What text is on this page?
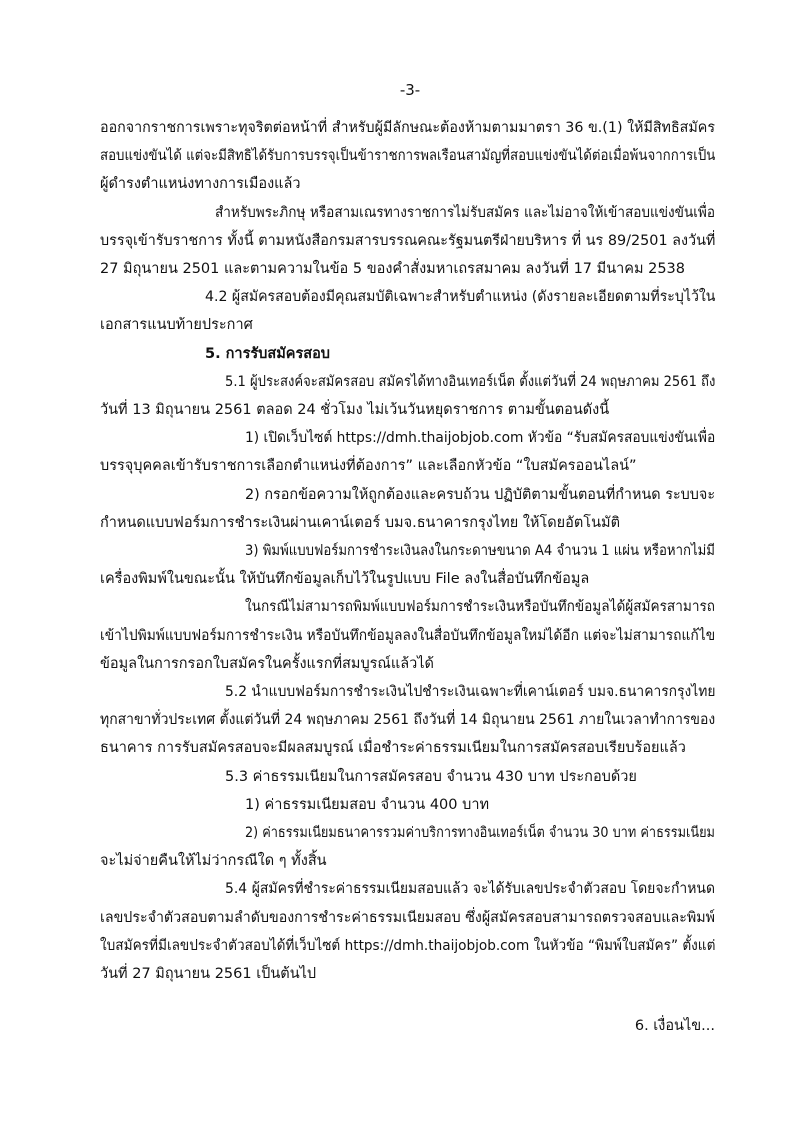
-3-
ออกจากราชการเพราะทุจริตต่อหน้าที่ สำหรับผู้มีลักษณะต้องห้ามตามมาตรา 36 ข.(1) ให้มีสิทธิสมัคร
สอบแข่งขันได้ แต่จะมีสิทธิได้รับการบรรจุเป็นข้าราชการพลเรือนสามัญที่สอบแข่งขันได้ต่อเมื่อพ้นจากการเป็น
ผู้ดำรงตำแหน่งทางการเมืองแล้ว
สำหรับพระภิกษุ หรือสามเณรทางราชการไม่รับสมัคร และไม่อาจให้เข้าสอบแข่งขันเพื่อ
บรรจุเข้ารับราชการ ทั้งนี้ ตามหนังสือกรมสารบรรณคณะรัฐมนตรีฝ่ายบริหาร ที่ นร 89/2501 ลงวันที่
27 มิถุนายน 2501 และตามความในข้อ 5 ของคำสั่งมหาเถรสมาคม ลงวันที่ 17 มีนาคม 2538
4.2 ผู้สมัครสอบต้องมีคุณสมบัติเฉพาะสำหรับตำแหน่ง (ดังรายละเอียดตามที่ระบุไว้ใน
เอกสารแนบท้ายประกาศ
5. การรับสมัครสอบ
5.1 ผู้ประสงค์จะสมัครสอบ สมัครได้ทางอินเทอร์เน็ต ตั้งแต่วันที่ 24 พฤษภาคม 2561 ถึง
วันที่ 13 มิถุนายน 2561 ตลอด 24 ชั่วโมง ไม่เว้นวันหยุดราชการ ตามขั้นตอนดังนี้
1) เปิดเว็บไซต์ https://dmh.thaijobjob.com หัวข้อ “รับสมัครสอบแข่งขันเพื่อ
บรรจุบุคคลเข้ารับราชการเลือกตำแหน่งที่ต้องการ” และเลือกหัวข้อ “ใบสมัครออนไลน์”
2) กรอกข้อความให้ถูกต้องและครบถ้วน ปฏิบัติตามขั้นตอนที่กำหนด ระบบจะ
กำหนดแบบฟอร์มการชำระเงินผ่านเคาน์เตอร์ บมจ.ธนาคารกรุงไทย ให้โดยอัตโนมัติ
3) พิมพ์แบบฟอร์มการชำระเงินลงในกระดาษขนาด A4 จำนวน 1 แผ่น หรือหากไม่มี
เครื่องพิมพ์ในขณะนั้น ให้บันทึกข้อมูลเก็บไว้ในรูปแบบ File ลงในสื่อบันทึกข้อมูล
ในกรณีไม่สามารถพิมพ์แบบฟอร์มการชำระเงินหรือบันทึกข้อมูลได้ผู้สมัครสามารถ
เข้าไปพิมพ์แบบฟอร์มการชำระเงิน หรือบันทึกข้อมูลลงในสื่อบันทึกข้อมูลใหม่ได้อีก แต่จะไม่สามารถแก้ไข
ข้อมูลในการกรอกใบสมัครในครั้งแรกที่สมบูรณ์แล้วได้
5.2 นำแบบฟอร์มการชำระเงินไปชำระเงินเฉพาะที่เคาน์เตอร์ บมจ.ธนาคารกรุงไทย
ทุกสาขาทั่วประเทศ ตั้งแต่วันที่ 24 พฤษภาคม 2561 ถึงวันที่ 14 มิถุนายน 2561 ภายในเวลาทำการของ
ธนาคาร การรับสมัครสอบจะมีผลสมบูรณ์ เมื่อชำระค่าธรรมเนียมในการสมัครสอบเรียบร้อยแล้ว
5.3 ค่าธรรมเนียมในการสมัครสอบ จำนวน 430 บาท ประกอบด้วย
1) ค่าธรรมเนียมสอบ จำนวน 400 บาท
2) ค่าธรรมเนียมธนาคารรวมค่าบริการทางอินเทอร์เน็ต จำนวน 30 บาท ค่าธรรมเนียม
จะไม่จ่ายคืนให้ไม่ว่ากรณีใด ๆ ทั้งสิ้น
5.4 ผู้สมัครที่ชำระค่าธรรมเนียมสอบแล้ว จะได้รับเลขประจำตัวสอบ โดยจะกำหนด
เลขประจำตัวสอบตามลำดับของการชำระค่าธรรมเนียมสอบ ซึ่งผู้สมัครสอบสามารถตรวจสอบและพิมพ์
ใบสมัครที่มีเลขประจำตัวสอบได้ที่เว็บไซต์ https://dmh.thaijobjob.com ในหัวข้อ “พิมพ์ใบสมัคร” ตั้งแต่
วันที่ 27 มิถุนายน 2561 เป็นต้นไป
6. เงื่อนไข...
